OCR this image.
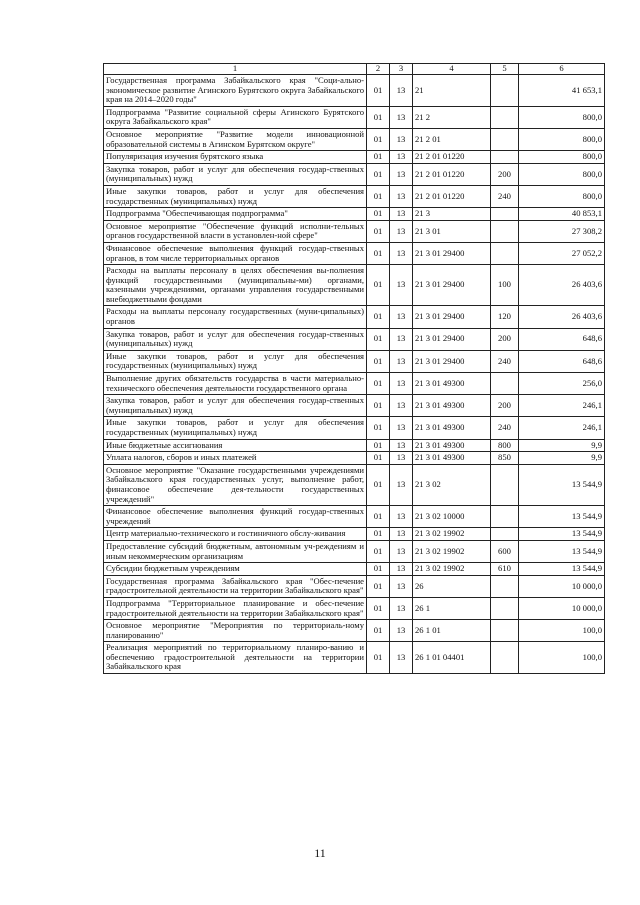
1	2	3	4	5	6
Государственная программа Забайкальского края "Соци-ально-экономическое развитие Агинского Бурятского округа Забайкальского края на 2014–2020 годы"	01	13	21		41 653,1
Подпрограмма "Развитие социальной сферы Агинского Бурятского округа Забайкальского края"	01	13	21 2		800,0
Основное мероприятие "Развитие модели инновационной образовательной системы в Агинском Бурятском округе"	01	13	21 2 01		800,0
Популяризация изучения бурятского языка	01	13	21 2 01 01220		800,0
Закупка товаров, работ и услуг для обеспечения государ-ственных (муниципальных) нужд	01	13	21 2 01 01220	200	800,0
Иные закупки товаров, работ и услуг для обеспечения государственных (муниципальных) нужд	01	13	21 2 01 01220	240	800,0
Подпрограмма "Обеспечивающая подпрограмма"	01	13	21 3		40 853,1
Основное мероприятие "Обеспечение функций исполни-тельных органов государственной власти в установлен-ной сфере"	01	13	21 3 01		27 308,2
Финансовое обеспечение выполнения функций государ-ственных органов, в том числе территориальных органов	01	13	21 3 01 29400		27 052,2
Расходы на выплаты персоналу в целях обеспечения вы-полнения функций государственными (муниципальны-ми) органами, казенными учреждениями, органами управления государственными внебюджетными фондами	01	13	21 3 01 29400	100	26 403,6
Расходы на выплаты персоналу государственных (муни-ципальных) органов	01	13	21 3 01 29400	120	26 403,6
Закупка товаров, работ и услуг для обеспечения государ-ственных (муниципальных) нужд	01	13	21 3 01 29400	200	648,6
Иные закупки товаров, работ и услуг для обеспечения государственных (муниципальных) нужд	01	13	21 3 01 29400	240	648,6
Выполнение других обязательств государства в части материально-технического обеспечения деятельности государственного органа	01	13	21 3 01 49300		256,0
Закупка товаров, работ и услуг для обеспечения государ-ственных (муниципальных) нужд	01	13	21 3 01 49300	200	246,1
Иные закупки товаров, работ и услуг для обеспечения государственных (муниципальных) нужд	01	13	21 3 01 49300	240	246,1
Иные бюджетные ассигнования	01	13	21 3 01 49300	800	9,9
Уплата налогов, сборов и иных платежей	01	13	21 3 01 49300	850	9,9
Основное мероприятие "Оказание государственными учреждениями Забайкальского края государственных услуг, выполнение работ, финансовое обеспечение дея-тельности государственных учреждений"	01	13	21 3 02		13 544,9
Финансовое обеспечение выполнения функций государ-ственных учреждений	01	13	21 3 02 10000		13 544,9
Центр материально-технического и гостиничного обслу-живания	01	13	21 3 02 19902		13 544,9
Предоставление субсидий бюджетным, автономным уч-реждениям и иным некоммерческим организациям	01	13	21 3 02 19902	600	13 544,9
Субсидии бюджетным учреждениям	01	13	21 3 02 19902	610	13 544,9
Государственная программа Забайкальского края "Обес-печение градостроительной деятельности на территории Забайкальского края"	01	13	26		10 000,0
Подпрограмма "Территориальное планирование и обес-печение градостроительной деятельности на территории Забайкальского края"	01	13	26 1		10 000,0
Основное мероприятие "Мероприятия по территориаль-ному планированию"	01	13	26 1 01		100,0
Реализация мероприятий по территориальному планиро-ванию и обеспечению градостроительной деятельности на территории Забайкальского края	01	13	26 1 01 04401		100,0
11
